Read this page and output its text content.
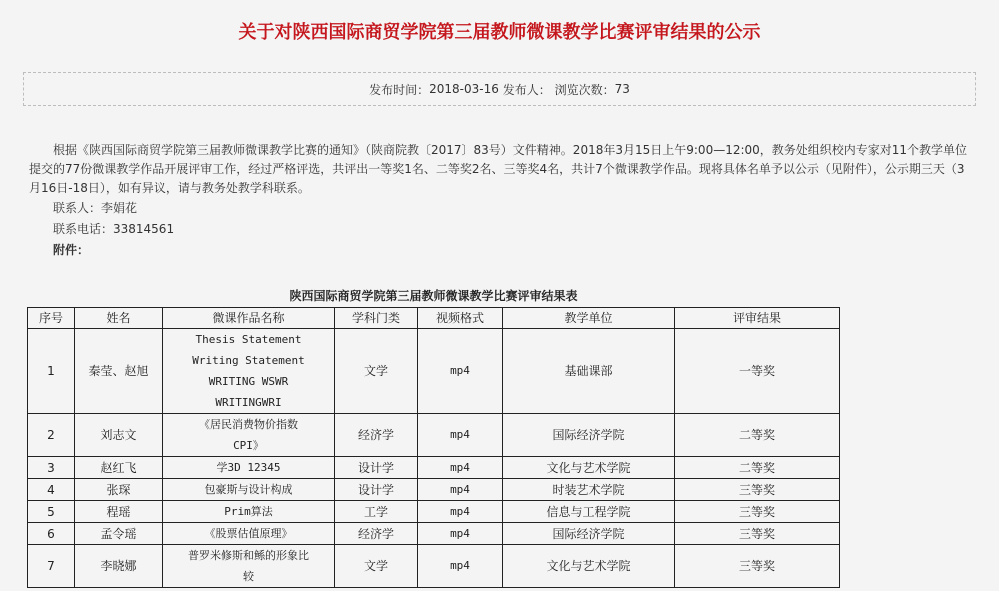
关于对陕西国际商贸学院第三届教师微课教学比赛评审结果的公示
发布时间： 2018-03-16
发布人：
浏览次数： 73

根据《陕西国际商贸学院第三届教师微课教学比赛的通知》（陕商院教〔2017〕83号）文件精神。2018年3月15日上午9:00—12:00，教务处组织校内专家对11个教学单位提交的77份微课教学作品开展评审工作，经过严格评选，共评出一等奖1名、二等奖2名、三等奖4名，共计7个微课教学作品。现将具体名单予以公示（见附件），公示期三天（3月16日-18日），如有异议，请与教务处教学科联系。

联系人：李娟花

联系电话：33814561

附件：

陕西国际商贸学院第三届教师微课教学比赛评审结果表
序号	姓名	微课作品名称	学科门类	视频格式	教学单位	评审结果
1	秦莹、赵旭	Thesis Statement
Writing Statement
WRITING WSWR
WRITINGWRI	文学	mp4	基础课部	一等奖
2	刘志文	《居民消费物价指数
CPI》	经济学	mp4	国际经济学院	二等奖
3	赵红飞	学3D 12345	设计学	mp4	文化与艺术学院	二等奖
4	张琛	包豪斯与设计构成	设计学	mp4	时装艺术学院	三等奖
5	程瑶	Prim算法	工学	mp4	信息与工程学院	三等奖
6	孟令瑶	《股票估值原理》	经济学	mp4	国际经济学院	三等奖
7	李晓娜	普罗米修斯和鲧的形象比
较	文学	mp4	文化与艺术学院	三等奖
